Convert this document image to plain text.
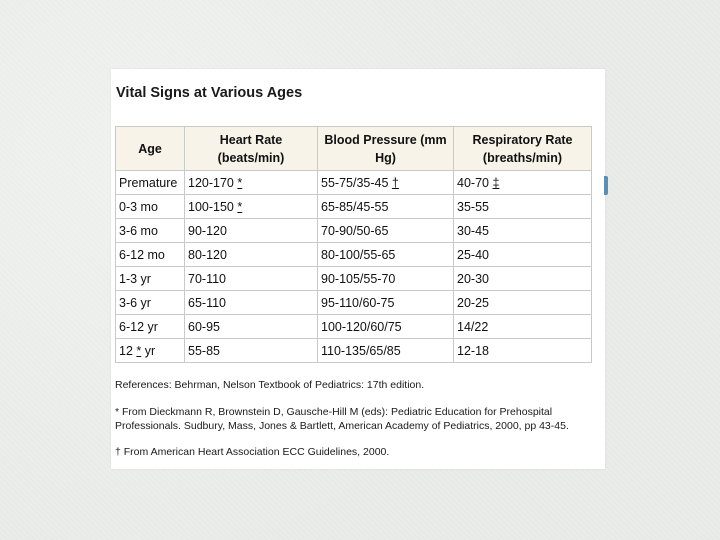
Vital Signs at Various Ages
Age	Heart Rate (beats/min)	Blood Pressure (mm Hg)	Respiratory Rate (breaths/min)
Premature	120-170 *	55-75/35-45 †	40-70 ‡
0-3 mo	100-150 *	65-85/45-55	35-55
3-6 mo	90-120	70-90/50-65	30-45
6-12 mo	80-120	80-100/55-65	25-40
1-3 yr	70-110	90-105/55-70	20-30
3-6 yr	65-110	95-110/60-75	20-25
6-12 yr	60-95	100-120/60/75	14/22
12 * yr	55-85	110-135/65/85	12-18

References: Behrman, Nelson Textbook of Pediatrics: 17th edition.

* From Dieckmann R, Brownstein D, Gausche-Hill M (eds): Pediatric Education for Prehospital Professionals. Sudbury, Mass, Jones & Bartlett, American Academy of Pediatrics, 2000, pp 43-45.

† From American Heart Association ECC Guidelines, 2000.
